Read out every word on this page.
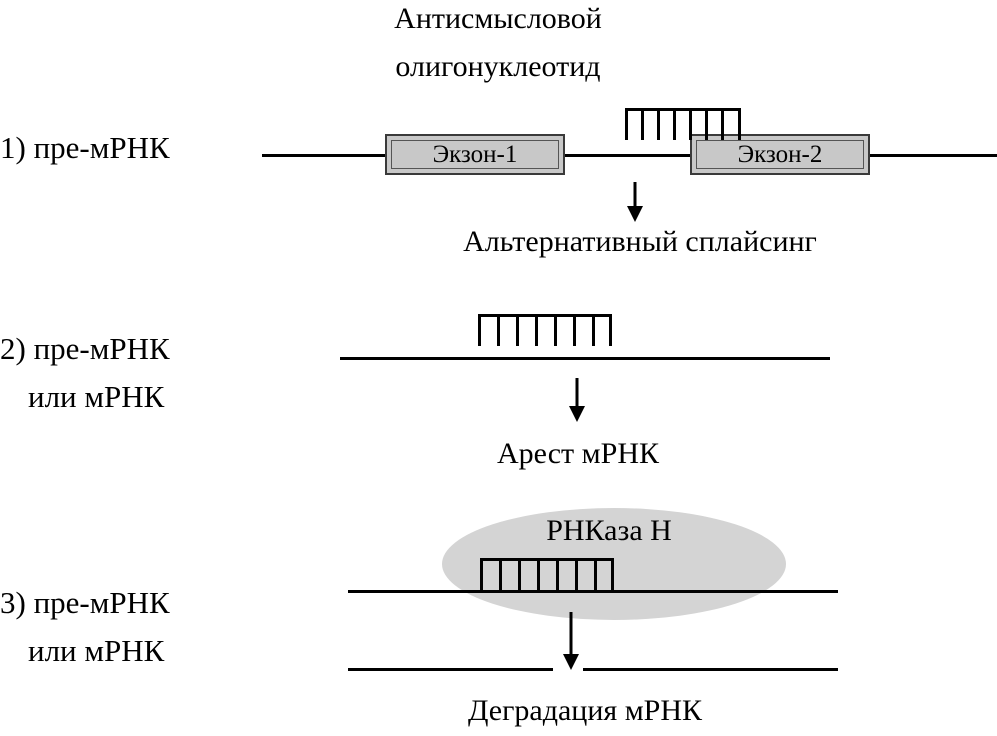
Антисмысловой
олигонуклеотид
1) пре-мРНК	Экзон-1	Экзон-2
Альтернативный сплайсинг
2) пре-мРНК
или мРНК
Арест мРНК
3) пре-мРНК
или мРНК
РНКаза Н
Деградация мРНК
